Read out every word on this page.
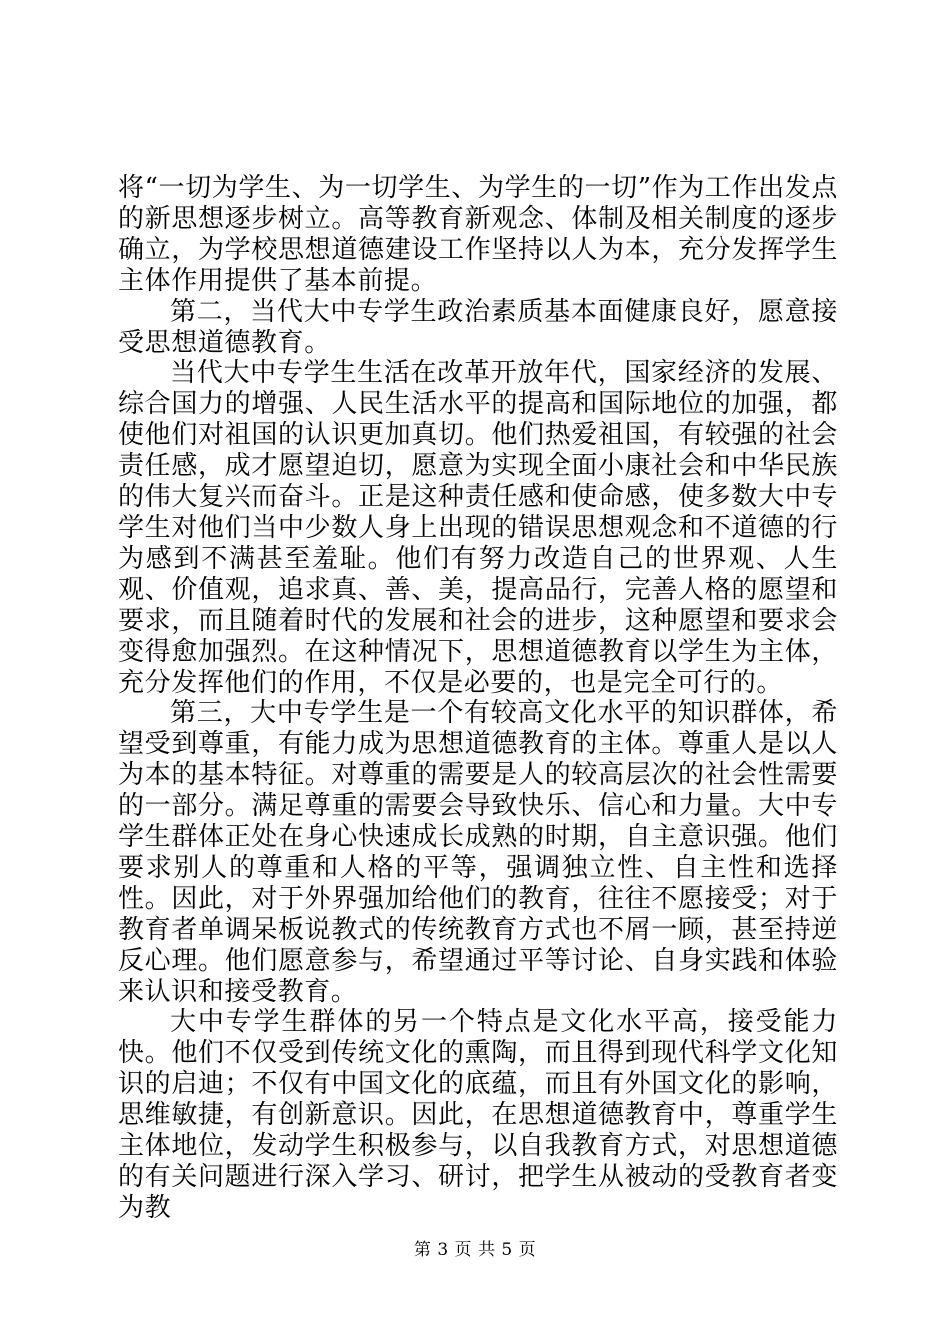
将“一切为学生、为一切学生、为学生的一切”作为工作出发点的新思想逐步树立。高等教育新观念、体制及相关制度的逐步确立，为学校思想道德建设工作坚持以人为本，充分发挥学生主体作用提供了基本前提。

第二，当代大中专学生政治素质基本面健康良好，愿意接受思想道德教育。

当代大中专学生生活在改革开放年代，国家经济的发展、综合国力的增强、人民生活水平的提高和国际地位的加强，都使他们对祖国的认识更加真切。他们热爱祖国，有较强的社会责任感，成才愿望迫切，愿意为实现全面小康社会和中华民族的伟大复兴而奋斗。正是这种责任感和使命感，使多数大中专学生对他们当中少数人身上出现的错误思想观念和不道德的行为感到不满甚至羞耻。他们有努力改造自己的世界观、人生观、价值观，追求真、善、美，提高品行，完善人格的愿望和要求，而且随着时代的发展和社会的进步，这种愿望和要求会变得愈加强烈。在这种情况下，思想道德教育以学生为主体，充分发挥他们的作用，不仅是必要的，也是完全可行的。

第三，大中专学生是一个有较高文化水平的知识群体，希望受到尊重，有能力成为思想道德教育的主体。尊重人是以人为本的基本特征。对尊重的需要是人的较高层次的社会性需要的一部分。满足尊重的需要会导致快乐、信心和力量。大中专学生群体正处在身心快速成长成熟的时期，自主意识强。他们要求别人的尊重和人格的平等，强调独立性、自主性和选择性。因此，对于外界强加给他们的教育，往往不愿接受；对于教育者单调呆板说教式的传统教育方式也不屑一顾，甚至持逆反心理。他们愿意参与，希望通过平等讨论、自身实践和体验来认识和接受教育。

大中专学生群体的另一个特点是文化水平高，接受能力快。他们不仅受到传统文化的熏陶，而且得到现代科学文化知识的启迪；不仅有中国文化的底蕴，而且有外国文化的影响，思维敏捷，有创新意识。因此，在思想道德教育中，尊重学生主体地位，发动学生积极参与，以自我教育方式，对思想道德的有关问题进行深入学习、研讨，把学生从被动的受教育者变为教

第 3 页 共 5 页
